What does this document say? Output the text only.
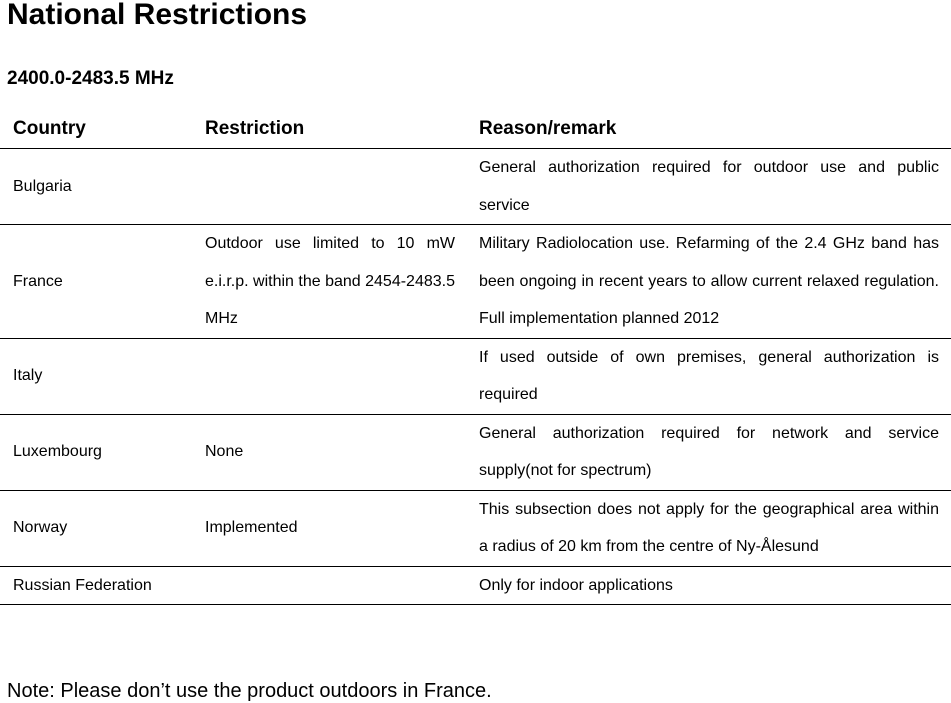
National Restrictions
2400.0-2483.5 MHz
Country	Restriction	Reason/remark
Bulgaria		General authorization required for outdoor use and public service
France	Outdoor use limited to 10 mW e.i.r.p. within the band 2454-2483.5 MHz	Military Radiolocation use. Refarming of the 2.4 GHz band has been ongoing in recent years to allow current relaxed regulation. Full implementation planned 2012
Italy		If used outside of own premises, general authorization is required
Luxembourg	None	General authorization required for network and service supply(not for spectrum)
Norway	Implemented	This subsection does not apply for the geographical area within a radius of 20 km from the centre of Ny-Ålesund
Russian Federation		Only for indoor applications
Note: Please don’t use the product outdoors in France.
